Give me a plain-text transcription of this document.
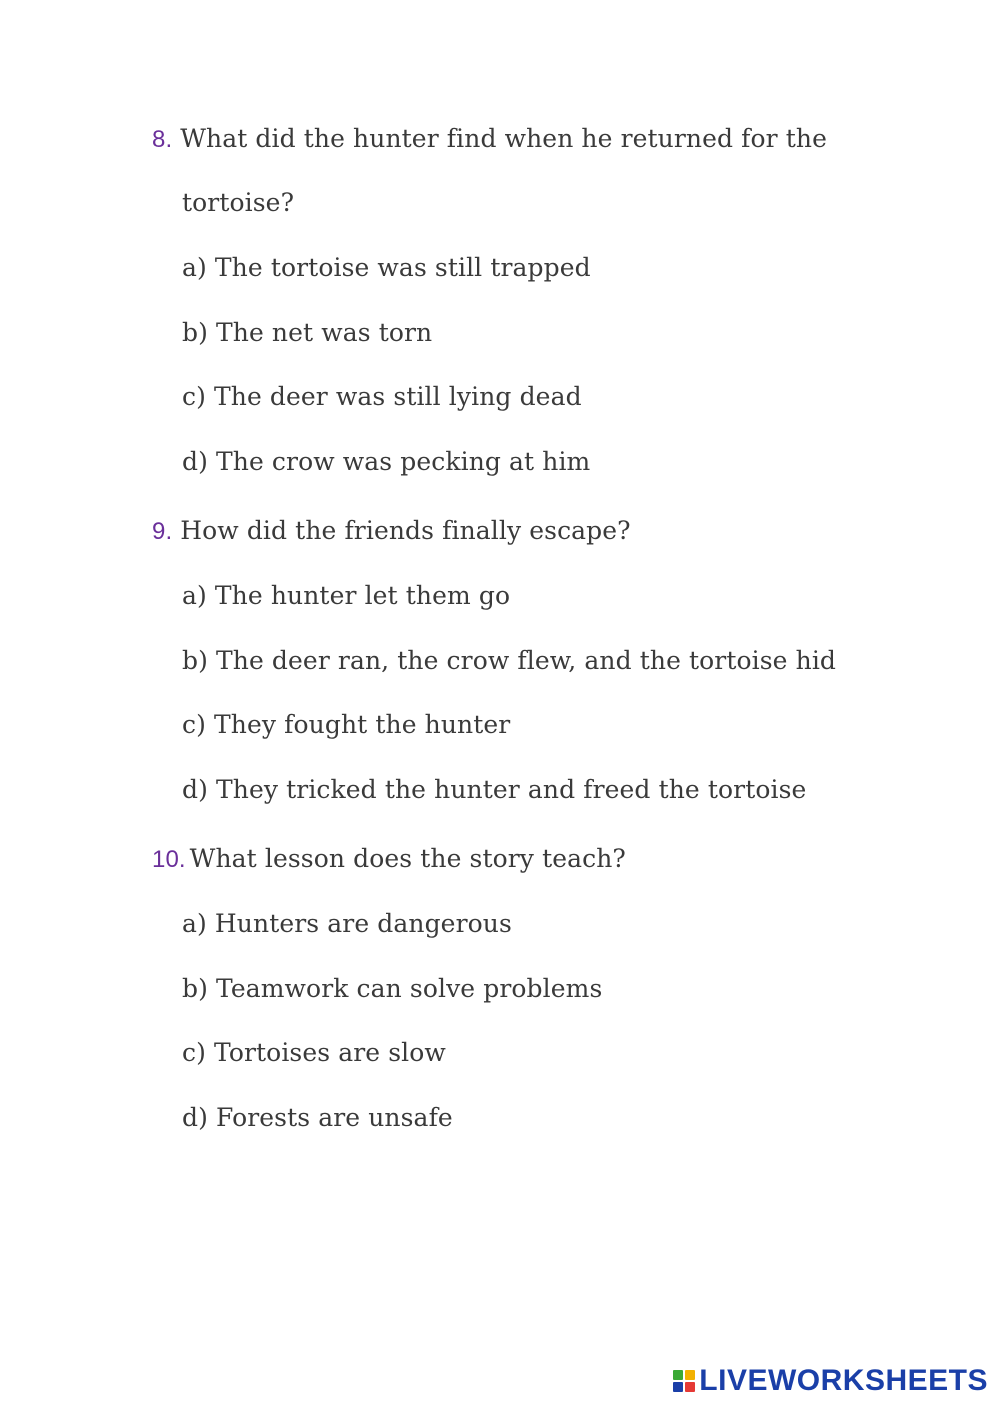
8. What did the hunter find when he returned for the
tortoise?
a) The tortoise was still trapped
b) The net was torn
c) The deer was still lying dead
d) The crow was pecking at him
9. How did the friends finally escape?
a) The hunter let them go
b) The deer ran, the crow flew, and the tortoise hid
c) They fought the hunter
d) They tricked the hunter and freed the tortoise
10. What lesson does the story teach?
a) Hunters are dangerous
b) Teamwork can solve problems
c) Tortoises are slow
d) Forests are unsafe
LIVEWORKSHEETS
